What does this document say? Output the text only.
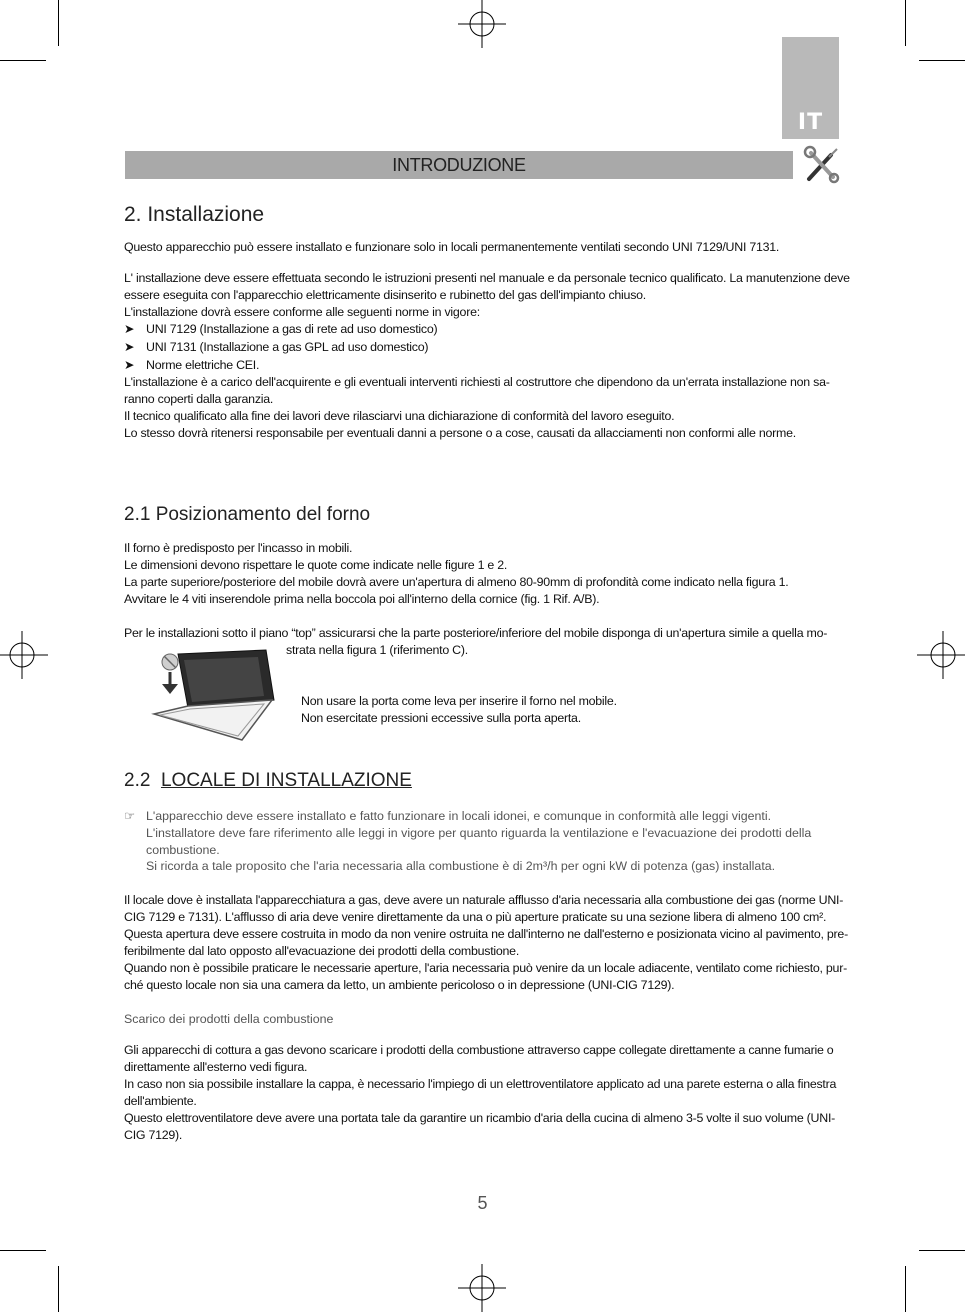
IT
INTRODUZIONE
2. Installazione

Questo apparecchio può essere installato e funzionare solo in locali permanentemente ventilati secondo UNI 7129/UNI 7131.

L' installazione deve essere effettuata secondo le istruzioni presenti nel manuale e da personale tecnico qualificato. La manutenzione deve

essere eseguita con l'apparecchio elettricamente disinserito e rubinetto del gas dell'impianto chiuso.

L'installazione dovrà essere conforme alle seguenti norme in vigore:

➤ UNI 7129 (Installazione a gas di rete ad uso domestico)
➤ UNI 7131 (Installazione a gas GPL ad uso domestico)
➤ Norme elettriche CEI.

L'installazione è a carico dell'acquirente e gli eventuali interventi richiesti al costruttore che dipendono da un'errata installazione non sa-

ranno coperti dalla garanzia.

Il tecnico qualificato alla fine dei lavori deve rilasciarvi una dichiarazione di conformità del lavoro eseguito.

Lo stesso dovrà ritenersi responsabile per eventuali danni a persone o a cose, causati da allacciamenti non conformi alle norme.

2.1 Posizionamento del forno

Il forno è predisposto per l'incasso in mobili.

Le dimensioni devono rispettare le quote come indicate nelle figure 1 e 2.

La parte superiore/posteriore del mobile dovrà avere un'apertura di almeno 80-90mm di profondità come indicato nella figura 1.

Avvitare le 4 viti inserendole prima nella boccola poi all'interno della cornice (fig. 1 Rif. A/B).

Per le installazioni sotto il piano “top” assicurarsi che la parte posteriore/inferiore del mobile disponga di un'apertura simile a quella mo-

strata nella figura 1 (riferimento C).

Non usare la porta come leva per inserire il forno nel mobile.

Non esercitate pressioni eccessive sulla porta aperta.

2.2 LOCALE DI INSTALLAZIONE
☞ L'apparecchio deve essere installato e fatto funzionare in locali idonei, e comunque in conformità alle leggi vigenti.

L'installatore deve fare riferimento alle leggi in vigore per quanto riguarda la ventilazione e l'evacuazione dei prodotti della

combustione.

Si ricorda a tale proposito che l'aria necessaria alla combustione è di 2m³/h per ogni kW di potenza (gas) installata.

Il locale dove è installata l'apparecchiatura a gas, deve avere un naturale afflusso d'aria necessaria alla combustione dei gas (norme UNI-

CIG 7129 e 7131). L'afflusso di aria deve venire direttamente da una o più aperture praticate su una sezione libera di almeno 100 cm².

Questa apertura deve essere costruita in modo da non venire ostruita ne dall'interno ne dall'esterno e posizionata vicino al pavimento, pre-

feribilmente dal lato opposto all'evacuazione dei prodotti della combustione.

Quando non è possibile praticare le necessarie aperture, l'aria necessaria può venire da un locale adiacente, ventilato come richiesto, pur-

ché questo locale non sia una camera da letto, un ambiente pericoloso o in depressione (UNI-CIG 7129).

Scarico dei prodotti della combustione

Gli apparecchi di cottura a gas devono scaricare i prodotti della combustione attraverso cappe collegate direttamente a canne fumarie o

direttamente all'esterno vedi figura.

In caso non sia possibile installare la cappa, è necessario l'impiego di un elettroventilatore applicato ad una parete esterna o alla finestra

dell'ambiente.

Questo elettroventilatore deve avere una portata tale da garantire un ricambio d'aria della cucina di almeno 3-5 volte il suo volume (UNI-

CIG 7129).

5
